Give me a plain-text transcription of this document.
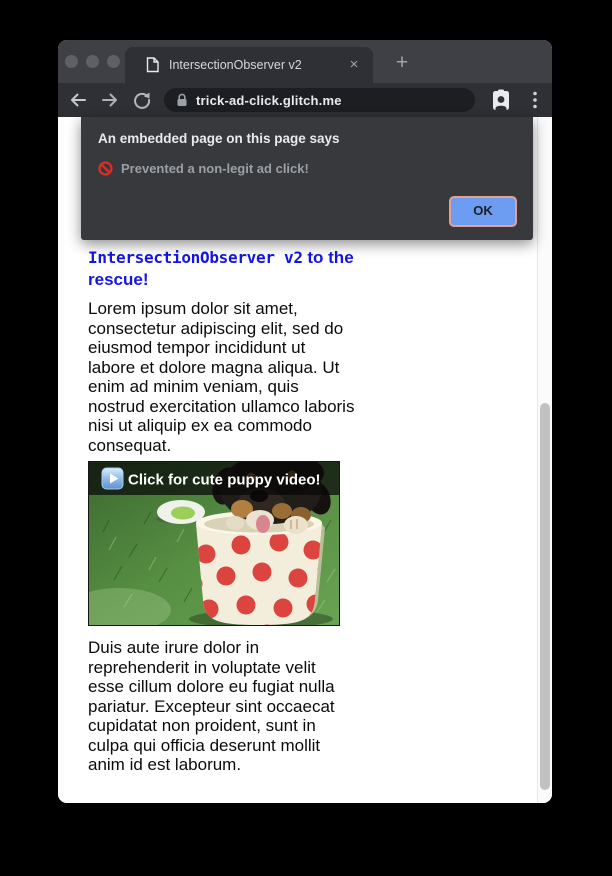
IntersectionObserver v2	×	+
trick-ad-click.glitch.me
An embedded page on this page says
Prevented a non-legit ad click!
OK
IntersectionObserver v2 to the rescue!

Lorem ipsum dolor sit amet, consectetur adipiscing elit, sed do eiusmod tempor incididunt ut labore et dolore magna aliqua. Ut enim ad minim veniam, quis nostrud exercitation ullamco laboris nisi ut aliquip ex ea commodo consequat.

Click for cute puppy video!

Duis aute irure dolor in reprehenderit in voluptate velit esse cillum dolore eu fugiat nulla pariatur. Excepteur sint occaecat cupidatat non proident, sunt in culpa qui officia deserunt mollit anim id est laborum.
